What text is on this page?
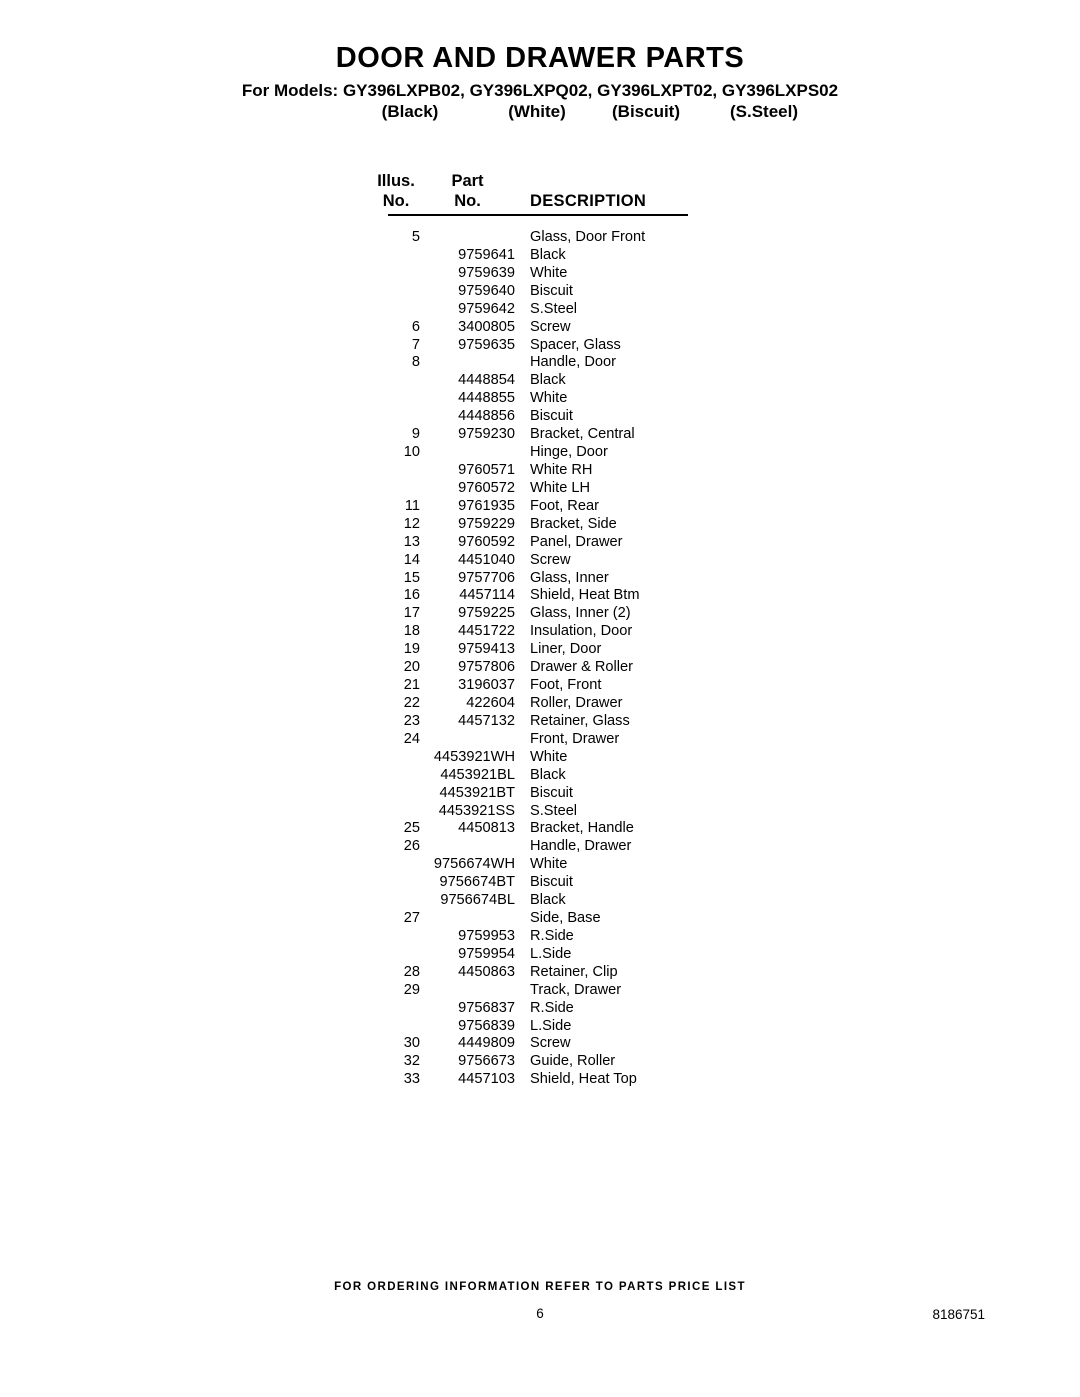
DOOR AND DRAWER PARTS
For Models: GY396LXPB02, GY396LXPQ02, GY396LXPT02, GY396LXPS02
(Black)	(White)	(Biscuit)	(S.Steel)
Illus.	Part
No.	No.	DESCRIPTION
5	Glass, Door Front
9759641	Black
9759639	White
9759640	Biscuit
9759642	S.Steel
6	3400805	Screw
7	9759635	Spacer, Glass
8	Handle, Door
4448854	Black
4448855	White
4448856	Biscuit
9	9759230	Bracket, Central
10	Hinge, Door
9760571	White RH
9760572	White LH
11	9761935	Foot, Rear
12	9759229	Bracket, Side
13	9760592	Panel, Drawer
14	4451040	Screw
15	9757706	Glass, Inner
16	4457114	Shield, Heat Btm
17	9759225	Glass, Inner (2)
18	4451722	Insulation, Door
19	9759413	Liner, Door
20	9757806	Drawer & Roller
21	3196037	Foot, Front
22	422604	Roller, Drawer
23	4457132	Retainer, Glass
24	Front, Drawer
4453921WH	White
4453921BL	Black
4453921BT	Biscuit
4453921SS	S.Steel
25	4450813	Bracket, Handle
26	Handle, Drawer
9756674WH	White
9756674BT	Biscuit
9756674BL	Black
27	Side, Base
9759953	R.Side
9759954	L.Side
28	4450863	Retainer, Clip
29	Track, Drawer
9756837	R.Side
9756839	L.Side
30	4449809	Screw
32	9756673	Guide, Roller
33	4457103	Shield, Heat Top
FOR ORDERING INFORMATION REFER TO PARTS PRICE LIST
6	8186751
